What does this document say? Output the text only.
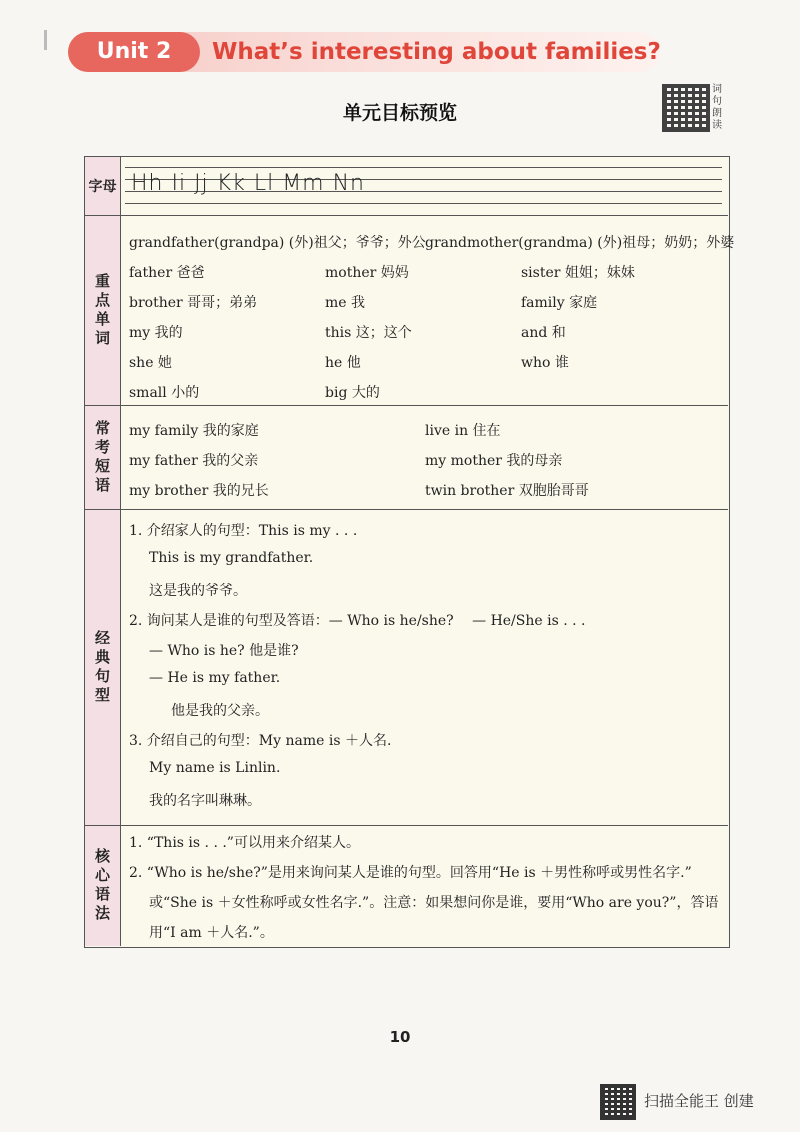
Unit 2	What’s interesting about families?
单元目标预览
词句朗读
字母 Hh Ii Jj Kk Ll Mm Nn
重点单词
grandfather(grandpa) (外)祖父；爷爷；外公 grandmother(grandma) (外)祖母；奶奶；外婆
father 爸爸	mother 妈妈	sister 姐姐；妹妹
brother 哥哥；弟弟	me 我	family 家庭
my 我的	this 这；这个	and 和
she 她	he 他	who 谁
small 小的	big 大的
常考短语 my family 我的家庭	live in 住在
my father 我的父亲	my mother 我的母亲
my brother 我的兄长	twin brother 双胞胎哥哥
经典句型
1. 介绍家人的句型：This is my . . .
This is my grandfather.
这是我的爷爷。
2. 询问某人是谁的句型及答语：— Who is he/she?　 — He/She is . . .
— Who is he? 他是谁?
— He is my father.
他是我的父亲。
3. 介绍自己的句型：My name is ＋人名.
My name is Linlin.
我的名字叫琳琳。
核心语法
1. “This is . . .”可以用来介绍某人。
2. “Who is he/she?”是用来询问某人是谁的句型。回答用“He is ＋男性称呼或男性名字.”
或“She is ＋女性称呼或女性名字.”。注意：如果想问你是谁，要用“Who are you?”，答语
用“I am ＋人名.”。
10
扫描全能王 创建
